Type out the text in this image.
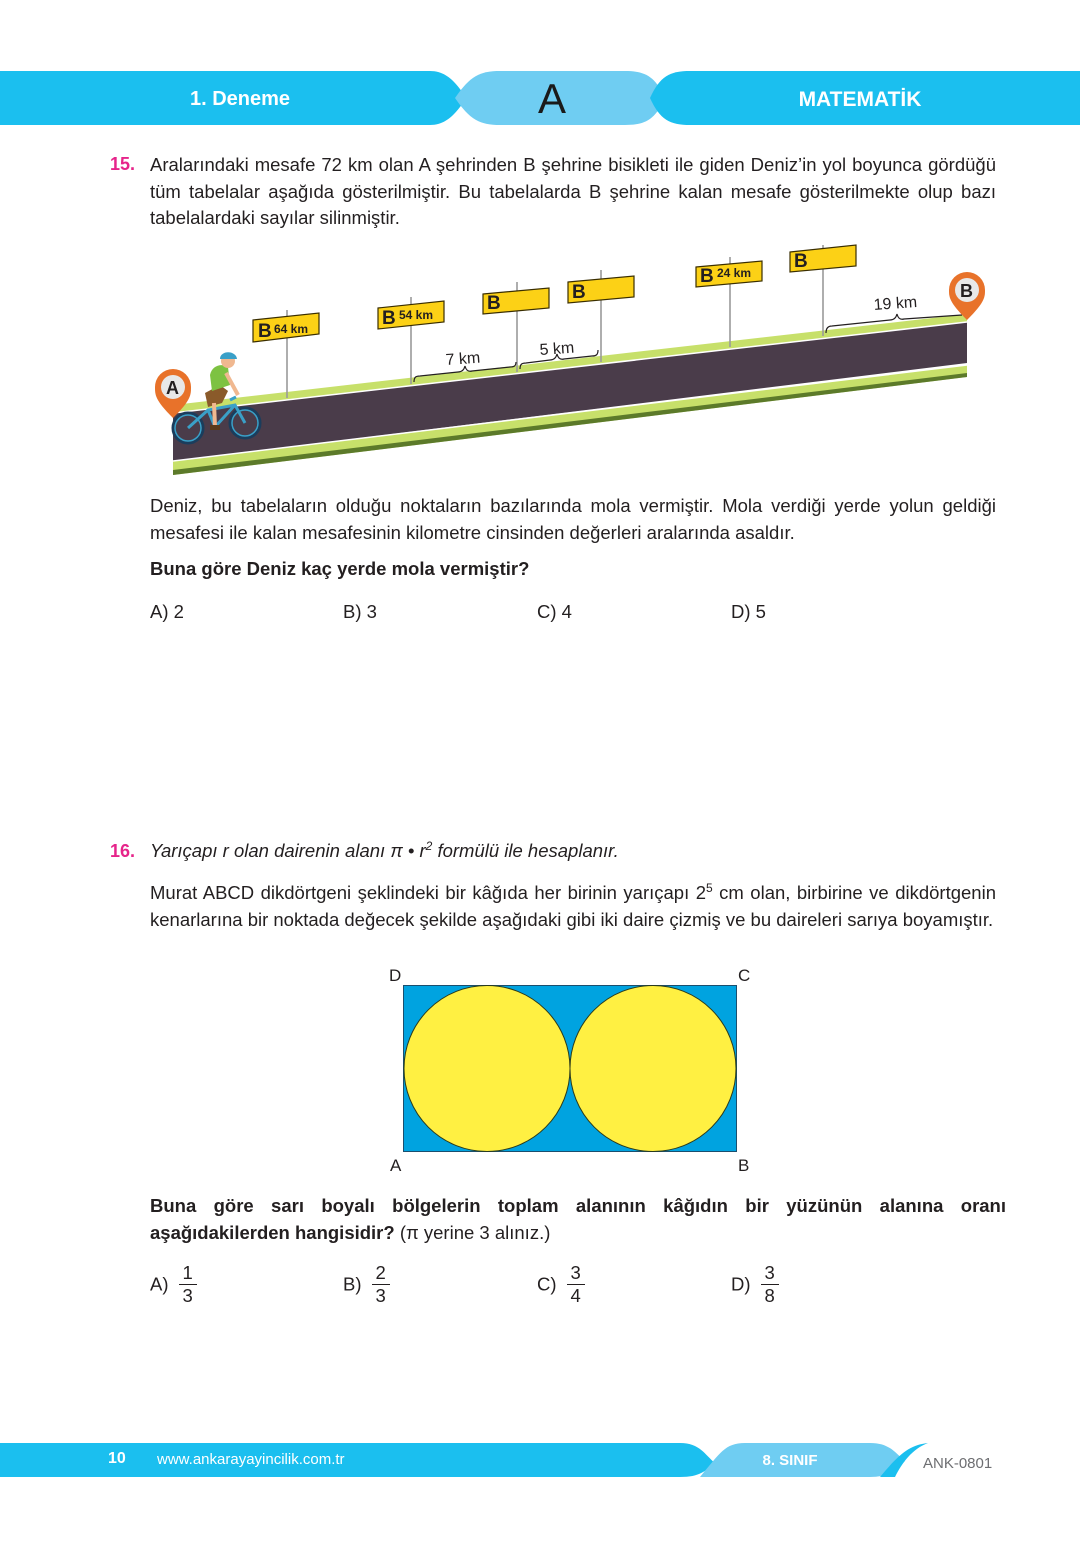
1. Deneme	A	MATEMATİK
15. Aralarındaki mesafe 72 km olan A şehrinden B şehrine bisikleti ile giden Deniz’in yol boyunca gördüğü tüm tabelalar aşağıda gösterilmiştir. Bu tabelalarda B şehrine kalan mesafe gösterilmekte olup bazı tabelalardaki sayılar silinmiştir.
B 64 km	B 54 km
B
B
B 24 km
B
7 km
5 km
19 km
A
B
Deniz, bu tabelaların olduğu noktaların bazılarında mola vermiştir. Mola verdiği yerde yolun geldiği mesafesi ile kalan mesafesinin kilometre cinsinden değerleri aralarında asaldır.
Buna göre Deniz kaç yerde mola vermiştir?
A) 2	B) 3	C) 4	D) 5
16. Yarıçapı r olan dairenin alanı π • $r^2$ formülü ile hesaplanır.
Murat ABCD dikdörtgeni şeklindeki bir kâğıda her birinin yarıçapı $2^5$ cm olan, birbirine ve dikdörtgenin kenarlarına bir noktada değecek şekilde aşağıdaki gibi iki daire çizmiş ve bu daireleri sarıya boyamıştır.
D	C
A	B
Buna göre sarı boyalı bölgelerin toplam alanının kâğıdın bir yüzünün alanına oranı aşağıdakilerden hangisidir? (π yerine 3 alınız.)
$A) \frac{1}{3}$	$B) \frac{2}{3}$	$C) \frac{3}{4}$	$D) \frac{3}{8}$
10 www.ankarayayincilik.com.tr	8. SINIF	ANK-0801
